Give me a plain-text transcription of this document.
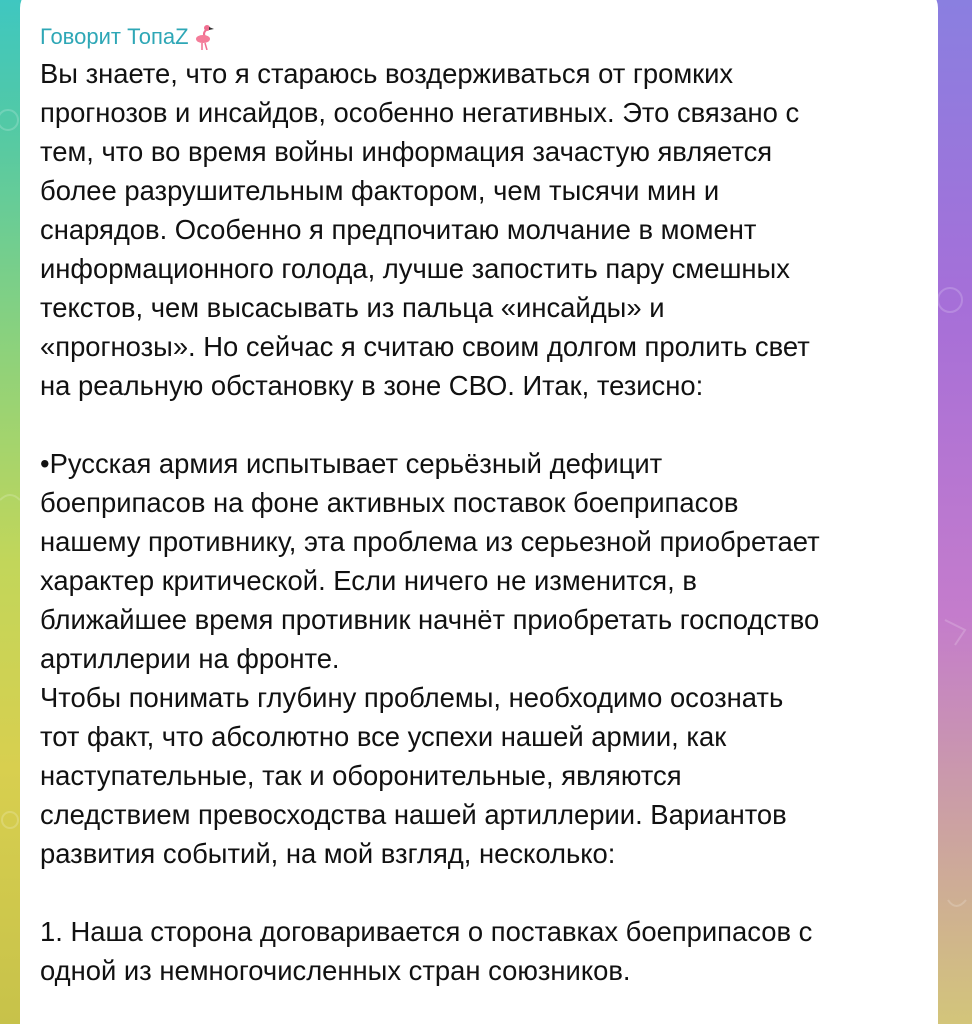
Говорит ТопаZ

Вы знаете, что я стараюсь воздерживаться от громких
прогнозов и инсайдов, особенно негативных. Это связано с
тем, что во время войны информация зачастую является
более разрушительным фактором, чем тысячи мин и
снарядов. Особенно я предпочитаю молчание в момент
информационного голода, лучше запостить пару смешных
текстов, чем высасывать из пальца «инсайды» и
«прогнозы». Но сейчас я считаю своим долгом пролить свет
на реальную обстановку в зоне СВО. Итак, тезисно:

•Русская армия испытывает серьёзный дефицит
боеприпасов на фоне активных поставок боеприпасов
нашему противнику, эта проблема из серьезной приобретает
характер критической. Если ничего не изменится, в
ближайшее время противник начнёт приобретать господство
артиллерии на фронте.
Чтобы понимать глубину проблемы, необходимо осознать
тот факт, что абсолютно все успехи нашей армии, как
наступательные, так и оборонительные, являются
следствием превосходства нашей артиллерии. Вариантов
развития событий, на мой взгляд, несколько:

1. Наша сторона договаривается о поставках боеприпасов с
одной из немногочисленных стран союзников.
